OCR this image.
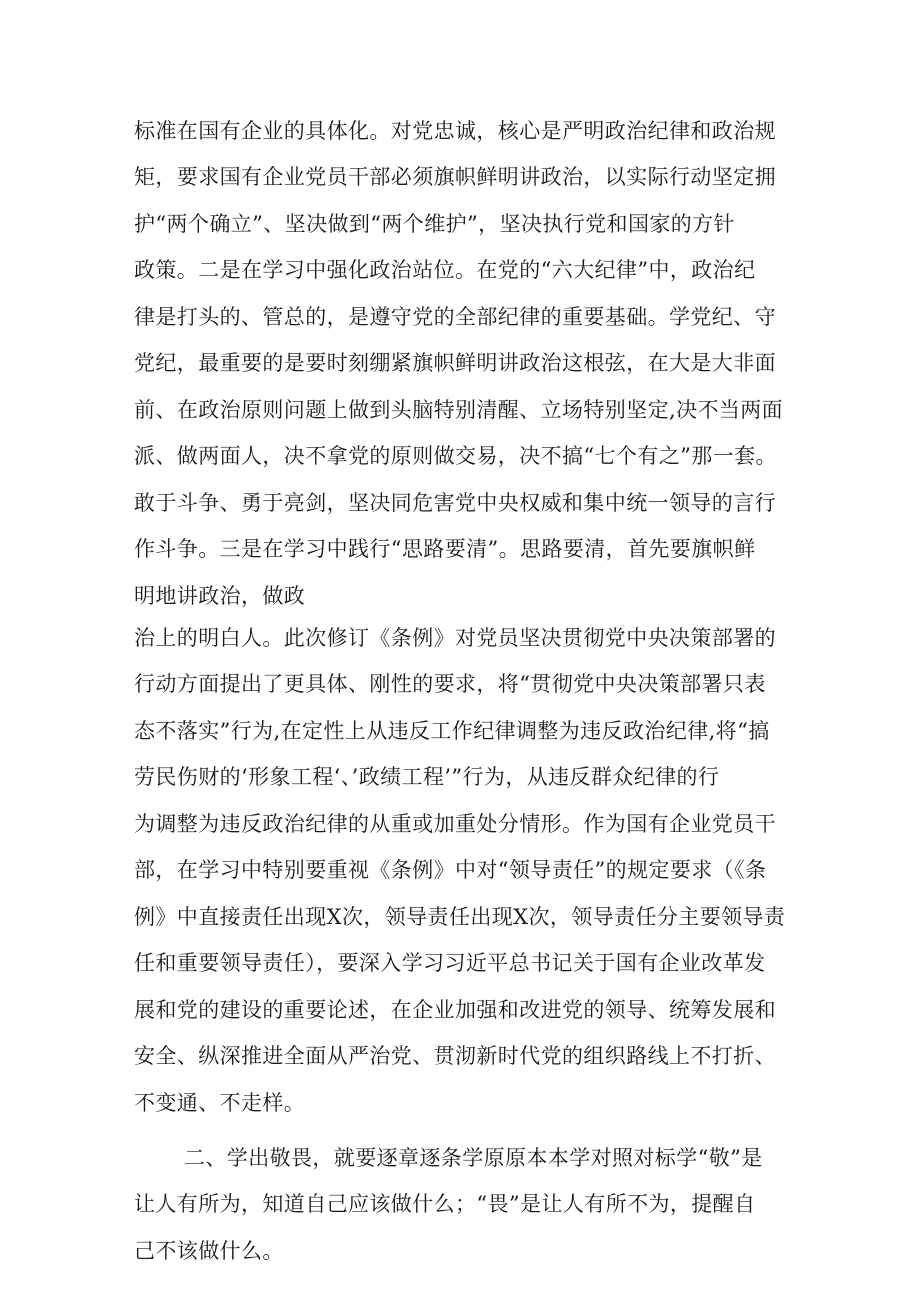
标准在国有企业的具体化。对党忠诚，核心是严明政治纪律和政治规
矩，要求国有企业党员干部必须旗帜鲜明讲政治，以实际行动坚定拥
护“两个确立”、坚决做到“两个维护”，坚决执行党和国家的方针
政策。二是在学习中强化政治站位。在党的“六大纪律”中，政治纪
律是打头的、管总的，是遵守党的全部纪律的重要基础。学党纪、守
党纪，最重要的是要时刻绷紧旗帜鲜明讲政治这根弦，在大是大非面
前、在政治原则问题上做到头脑特别清醒、立场特别坚定,决不当两面
派、做两面人，决不拿党的原则做交易，决不搞“七个有之”那一套。
敢于斗争、勇于亮剑，坚决同危害党中央权威和集中统一领导的言行
作斗争。三是在学习中践行“思路要清”。思路要清，首先要旗帜鲜
明地讲政治，做政
治上的明白人。此次修订《条例》对党员坚决贯彻党中央决策部署的
行动方面提出了更具体、刚性的要求，将“贯彻党中央决策部署只表
态不落实”行为,在定性上从违反工作纪律调整为违反政治纪律,将“搞
劳民伤财的‘形象工程‘、’政绩工程’”行为，从违反群众纪律的行
为调整为违反政治纪律的从重或加重处分情形。作为国有企业党员干
部，在学习中特别要重视《条例》中对“领导责任”的规定要求（《条
例》中直接责任出现X次，领导责任出现X次，领导责任分主要领导责
任和重要领导责任），要深入学习习近平总书记关于国有企业改革发
展和党的建设的重要论述，在企业加强和改进党的领导、统筹发展和
安全、纵深推进全面从严治党、贯沏新时代党的组织路线上不打折、
不变通、不走样。
二、学出敬畏，就要逐章逐条学原原本本学对照对标学“敬”是
让人有所为，知道自己应该做什么；“畏”是让人有所不为，提醒自
己不该做什么。
